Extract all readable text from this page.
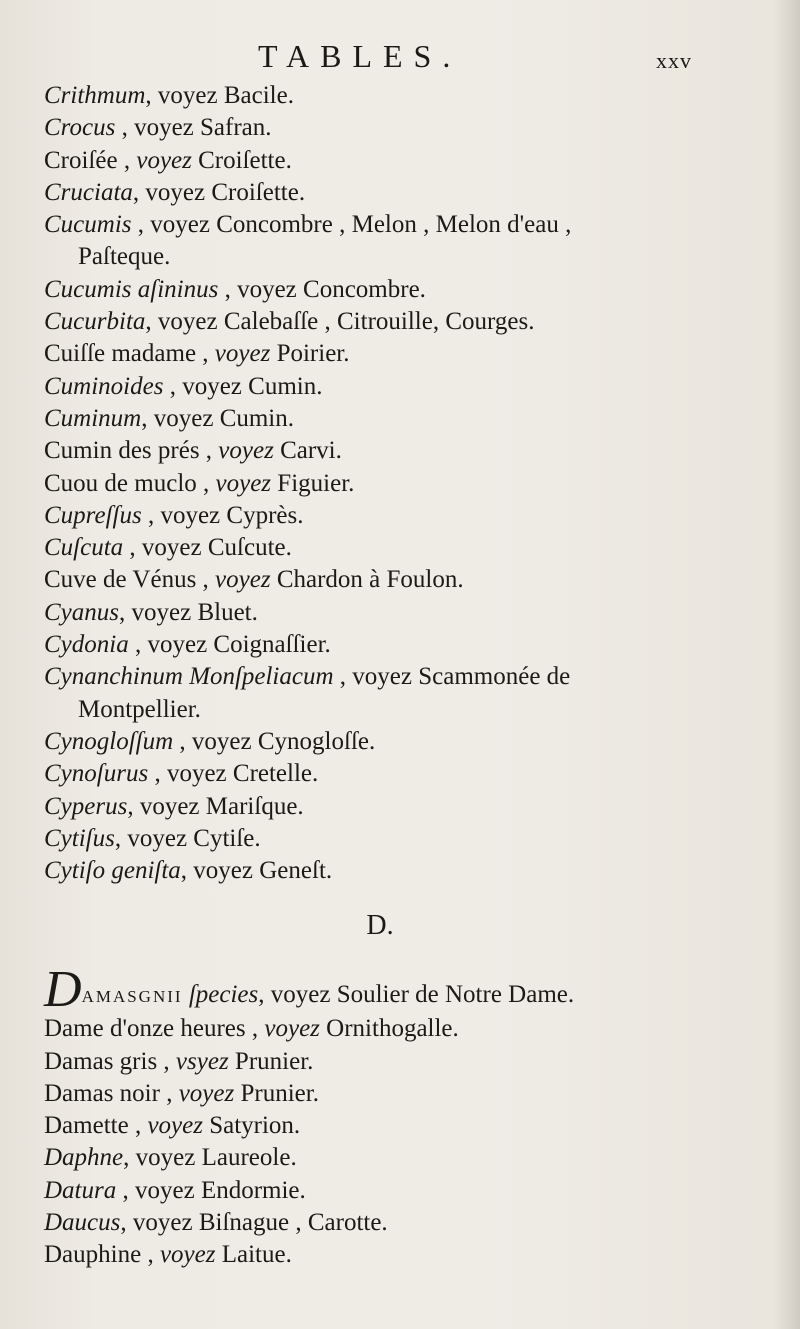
TABLES.	xxv

Crithmum, voyez Bacile.

Crocus , voyez Safran.

Croiſée , voyez Croiſette.

Cruciata, voyez Croiſette.

Cucumis , voyez Concombre , Melon , Melon d'eau ,
Paſteque.

Cucumis aſininus , voyez Concombre.

Cucurbita, voyez Calebaſſe , Citrouille, Courges.

Cuiſſe madame , voyez Poirier.

Cuminoides , voyez Cumin.

Cuminum, voyez Cumin.

Cumin des prés , voyez Carvi.

Cuou de muclo , voyez Figuier.

Cupreſſus , voyez Cyprès.

Cuſcuta , voyez Cuſcute.

Cuve de Vénus , voyez Chardon à Foulon.

Cyanus, voyez Bluet.

Cydonia , voyez Coignaſſier.

Cynanchinum Monſpeliacum , voyez Scammonée de
Montpellier.

Cynogloſſum , voyez Cynogloſſe.

Cynoſurus , voyez Cretelle.

Cyperus, voyez Mariſque.

Cytiſus, voyez Cytiſe.

Cytiſo geniſta, voyez Geneſt.

D.

DAMASGNII ſpecies, voyez Soulier de Notre Dame.

Dame d'onze heures , voyez Ornithogalle.

Damas gris , vsyez Prunier.

Damas noir , voyez Prunier.

Damette , voyez Satyrion.

Daphne, voyez Laureole.

Datura , voyez Endormie.

Daucus, voyez Biſnague , Carotte.

Dauphine , voyez Laitue.
